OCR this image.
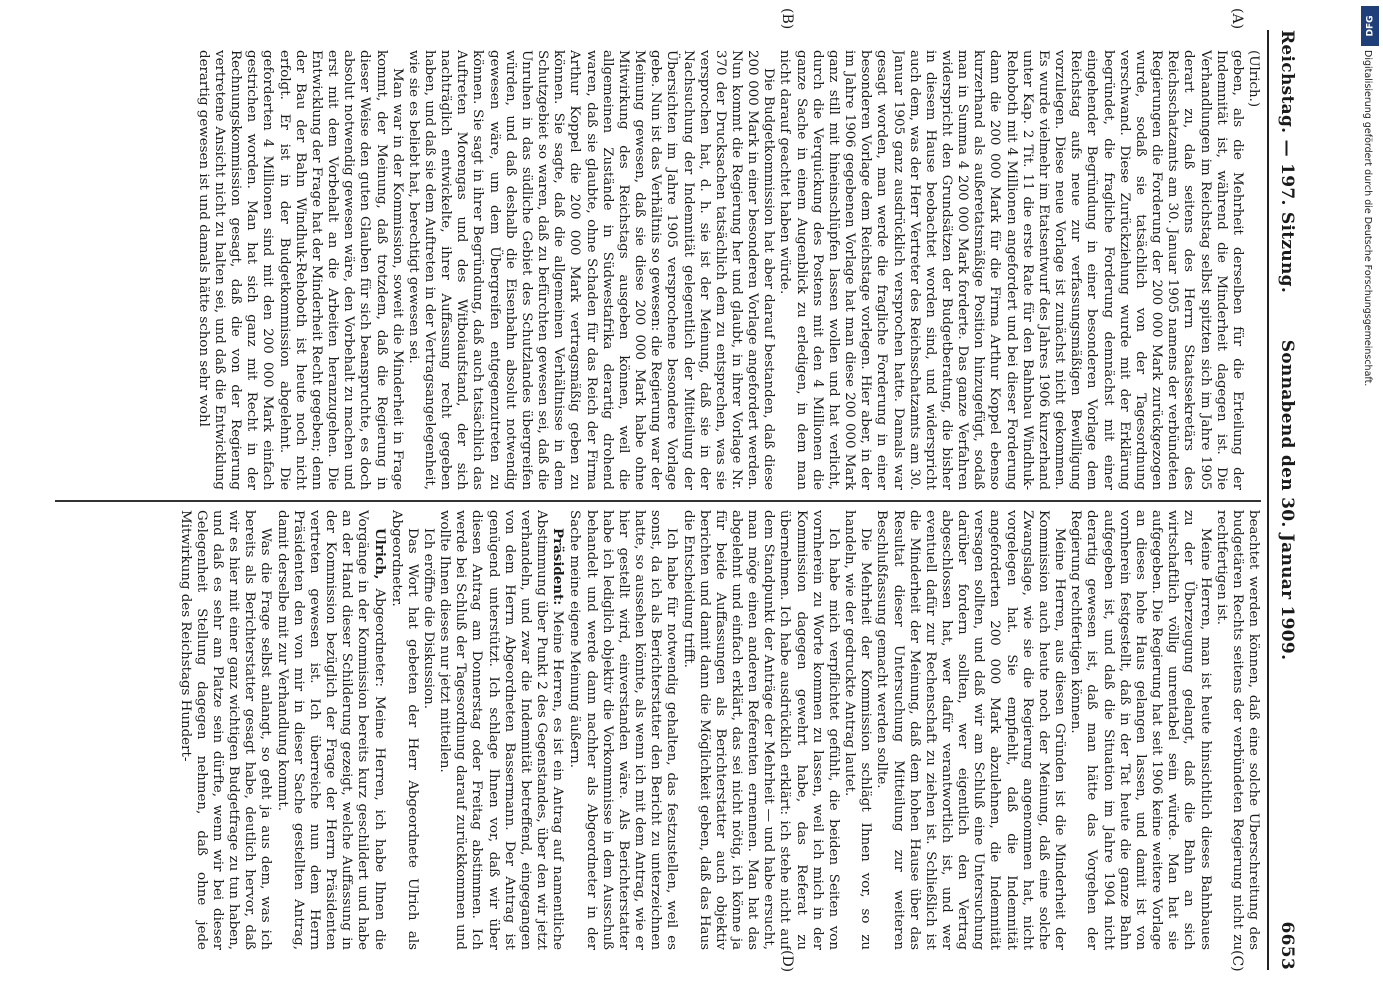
Reichstag. — 197. Sitzung.
Sonnabend den 30. Januar 1909.
6653
(A)
(B)
(C)
(D)

(Ulrich.)

geben, als die Mehrheit derselben für die Erteilung der Indemnität ist, während die Minderheit dagegen ist. Die Verhandlungen im Reichstag selbst spitzten sich im Jahre 1905 derart zu, daß seitens des Herrn Staatssekretärs des Reichsschatzamts am 30. Januar 1905 namens der verbündeten Regierungen die Forderung der 200 000 Mark zurückgezogen wurde, sodaß sie tatsächlich von der Tagesordnung verschwand. Diese Zurückziehung wurde mit der Erklärung begründet, die fragliche Forderung demnächst mit einer eingehender Begründung in einer besonderen Vorlage dem Reichstag aufs neue zur verfassungsmäßigen Bewilligung vorzulegen. Diese neue Vorlage ist zunächst nicht gekommen. Es wurde vielmehr im Etatsentwurf des Jahres 1906 kurzerhand unter Kap. 2 Tit. 11 die erste Rate für den Bahnbau Windhuk-Rehoboth mit 4 Millionen angefordert und bei dieser Forderung dann die 200 000 Mark für die Firma Arthur Koppel ebenso kurzerhand als außeretatsmäßige Position hinzugefügt, sodaß man in Summa 4 200 000 Mark forderte. Das ganze Verfahren widerspricht den Grundsätzen der Budgetberatung, die bisher in diesem Hause beobachtet worden sind, und widerspricht auch dem, was der Herr Vertreter des Reichsschatzamts am 30. Januar 1905 ganz ausdrücklich versprochen hatte. Damals war gesagt worden, man werde die fragliche Forderung in einer besonderen Vorlage dem Reichstage vorlegen. Hier aber, in der im Jahre 1906 gegebenen Vorlage hat man diese 200 000 Mark ganz still mit hineinschlüpfen lassen wollen und hat verlicht, durch die Verquickung des Postens mit den 4 Millionen die ganze Sache in einem Augenblick zu erledigen, in dem man nicht darauf geachtet haben würde.

Die Budgetkommission hat aber darauf bestanden, daß diese 200 000 Mark in einer besonderen Vorlage angefordert werden. Nun kommt die Regierung her und glaubt, in ihrer Vorlage Nr. 370 der Drucksachen tatsächlich dem zu entsprechen, was sie versprochen hat, d. h. sie ist der Meinung, daß sie in der Nachsuchung der Indemnität gelegentlich der Mitteilung der Übersichten im Jahre 1905 versprochene besondere Vorlage gebe. Nun ist das Verhältnis so gewesen: die Regierung war der Meinung gewesen, daß sie diese 200 000 Mark habe ohne Mitwirkung des Reichstags ausgeben können, weil die allgemeinen Zustände in Südwestafrika derartig drohend waren, daß sie glaubte, ohne Schaden für das Reich der Firma Arthur Koppel die 200 000 Mark vertragsmäßig geben zu können. Sie sagte, daß die allgemeinen Verhältnisse in dem Schutzgebiet so waren, daß zu befürchten gewesen sei, daß die Unruhen in das südliche Gebiet des Schutzlandes übergreifen würden, und daß deshalb die Eisenbahn absolut notwendig gewesen wäre, um dem Übergreifen entgegenzutreten zu können. Sie sagt in ihrer Begründung, daß auch tatsächlich das Auftreten Morengas und des Witboiaufstand, der sich nachträglich entwickelte, ihrer Auffassung recht gegeben haben, und daß sie dem Auftreten in der Vertragsangelegenheit, wie sie es beliebt hat, berechtigt gewesen sei.

Man war in der Kommission, soweit die Minderheit in Frage kommt, der Meinung, daß trotzdem, daß die Regierung in dieser Weise den guten Glauben für sich beanspruchte, es doch absolut notwendig gewesen wäre, den Vorbehalt zu machen und erst mit dem Vorbehalt an die Arbeiten heranzugehen. Die Entwicklung der Frage hat der Minderheit Recht gegeben; denn der Bau der Bahn Windhuk-Rehoboth ist heute noch nicht erfolgt. Er ist in der Budgetkommission abgelehnt. Die geforderten 4 Millionen sind mit den 200 000 Mark einfach gestrichen worden. Man hat sich ganz mit Recht in der Rechnungskommission gesagt, daß die von der Regierung vertretene Ansicht nicht zu halten sei, und daß die Entwicklung derartig gewesen ist und damals hätte schon sehr wohl

beachtet werden können, daß eine solche Überschreitung des budgetären Rechts seitens der verbündeten Regierung nicht zu rechtfertigen ist.

Meine Herren, man ist heute hinsichtlich dieses Bahnbaues zu der Überzeugung gelangt, daß die Bahn an sich wirtschaftlich völlig unrentabel sein würde. Man hat sie aufgegeben. Die Regierung hat seit 1906 keine weitere Vorlage an dieses hohe Haus gelangen lassen, und damit ist von vornherein festgestellt, daß in der Tat heute die ganze Bahn aufgegeben ist, und daß die Situation im Jahre 1904 nicht derartig gewesen ist, daß man hätte das Vorgehen der Regierung rechtfertigen können.

Meine Herren, aus diesen Gründen ist die Minderheit der Kommission auch heute noch der Meinung, daß eine solche Zwangslage, wie sie die Regierung angenommen hat, nicht vorgelegen hat. Sie empfiehlt, daß die Indemnität angeforderten 200 000 Mark abzulehnen, die Indemnität versagen sollten, und daß wir am Schluß eine Untersuchung darüber fordern sollten, wer eigentlich den Vertrag abgeschlossen hat, wer dafür verantwortlich ist, und wer eventuell dafür zur Rechenschaft zu ziehen ist. Schließlich ist die Minderheit der Meinung, daß dem hohen Hause über das Resultat dieser Untersuchung Mitteilung zur weiteren Beschlußfassung gemacht werden sollte.

Die Mehrheit der Kommission schlägt Ihnen vor, so zu handeln, wie der gedruckte Antrag lautet.

Ich habe mich verpflichtet gefühlt, die beiden Seiten von vornherein zu Worte kommen zu lassen, weil ich mich in der Kommission dagegen gewehrt habe, das Referat zu übernehmen. Ich habe ausdrücklich erklärt: ich stehe nicht auf dem Standpunkt der Anträge der Mehrheit — und habe ersucht, man möge einen anderen Referenten ernennen. Man hat das abgelehnt und einfach erklärt, das sei nicht nötig, ich könne ja für beide Auffassungen als Berichterstatter auch objektiv berichten und damit dann die Möglichkeit geben, daß das Haus die Entscheidung trifft.

Ich habe für notwendig gehalten, das festzustellen, weil es sonst, da ich als Berichterstatter den Bericht zu unterzeichnen hatte, so aussehen könnte, als wenn ich mit dem Antrag, wie er hier gestellt wird, einverstanden wäre. Als Berichterstatter habe ich lediglich objektiv die Vorkommnisse in dem Ausschuß behandelt und werde dann nachher als Abgeordneter in der Sache meine eigene Meinung äußern.

Präsident: Meine Herren, es ist ein Antrag auf namentliche Abstimmung über Punkt 2 des Gegenstandes, über den wir jetzt verhandeln, und zwar die Indemnität betreffend, eingegangen von dem Herrn Abgeordneten Bassermann. Der Antrag ist genügend unterstützt. Ich schlage Ihnen vor, daß wir über diesen Antrag am Donnerstag oder Freitag abstimmen. Ich werde bei Schluß der Tagesordnung darauf zurückkommen und wollte Ihnen dieses nur jetzt mitteilen.

Ich eröffne die Diskussion.

Das Wort hat gebeten der Herr Abgeordnete Ulrich als Abgeordneter.

Ulrich, Abgeordneter: Meine Herren, ich habe Ihnen die Vorgänge in der Kommission bereits kurz geschildert und habe an der Hand dieser Schilderung gezeigt, welche Auffassung in der Kommission bezüglich der Frage der Herrn Präsidenten vertreten gewesen ist. Ich überreiche nun dem Herrn Präsidenten den von mir in dieser Sache gestellten Antrag, damit derselbe mit zur Verhandlung kommt.

Was die Frage selbst anlangt, so geht ja aus dem, was ich bereits als Berichterstatter gesagt habe, deutlich hervor, daß wir es hier mit einer ganz wichtigen Budgetfrage zu tun haben, und daß es sehr am Platze sein dürfte, wenn wir bei dieser Gelegenheit Stellung dagegen nehmen, daß ohne jede Mitwirkung des Reichstags Hundert-

DFG
Digitalisierung gefördert durch die Deutsche Forschungsgemeinschaft.
